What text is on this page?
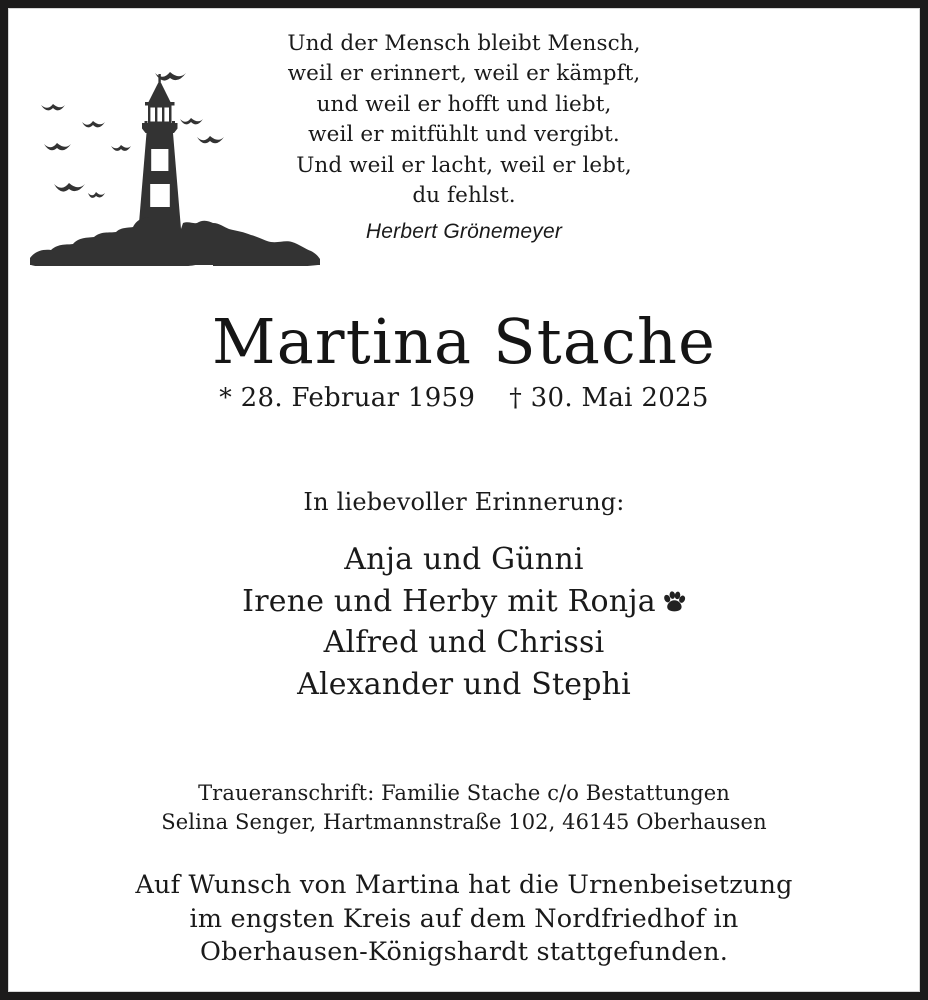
Und der Mensch bleibt Mensch,
weil er erinnert, weil er kämpft,
und weil er hofft und liebt,
weil er mitfühlt und vergibt.
Und weil er lacht, weil er lebt,
du fehlst.
Herbert Grönemeyer
Martina Stache
* 28. Februar 1959 † 30. Mai 2025
In liebevoller Erinnerung:
Anja und Günni
Irene und Herby mit Ronja
Alfred und Chrissi
Alexander und Stephi
Traueranschrift: Familie Stache c/o Bestattungen
Selina Senger, Hartmannstraße 102, 46145 Oberhausen
Auf Wunsch von Martina hat die Urnenbeisetzung
im engsten Kreis auf dem Nordfriedhof in
Oberhausen-Königshardt stattgefunden.
